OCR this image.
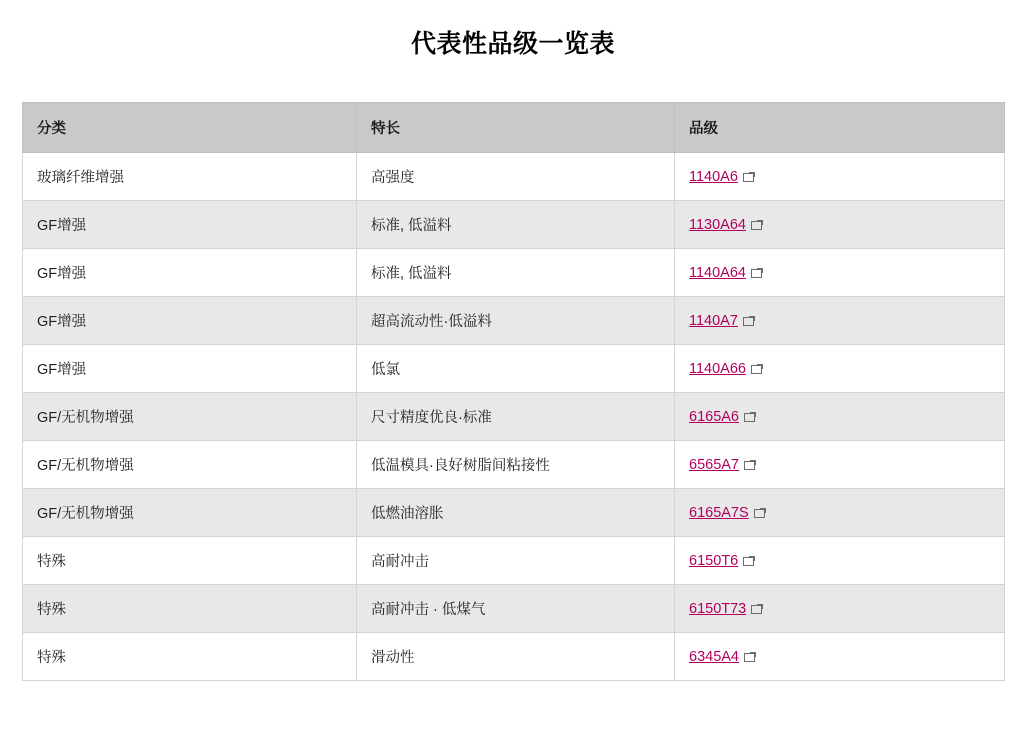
代表性品级一览表
分类	特长	品级
玻璃纤维增强	高强度	1140A6
GF增强	标准, 低溢料	1130A64
GF增强	标准, 低溢料	1140A64
GF增强	超高流动性·低溢料	1140A7
GF增强	低氯	1140A66
GF/无机物增强	尺寸精度优良·标准	6165A6
GF/无机物增强	低温模具·良好树脂间粘接性	6565A7
GF/无机物增强	低燃油溶胀	6165A7S
特殊	高耐冲击	6150T6
特殊	高耐冲击 · 低煤气	6150T73
特殊	滑动性	6345A4
